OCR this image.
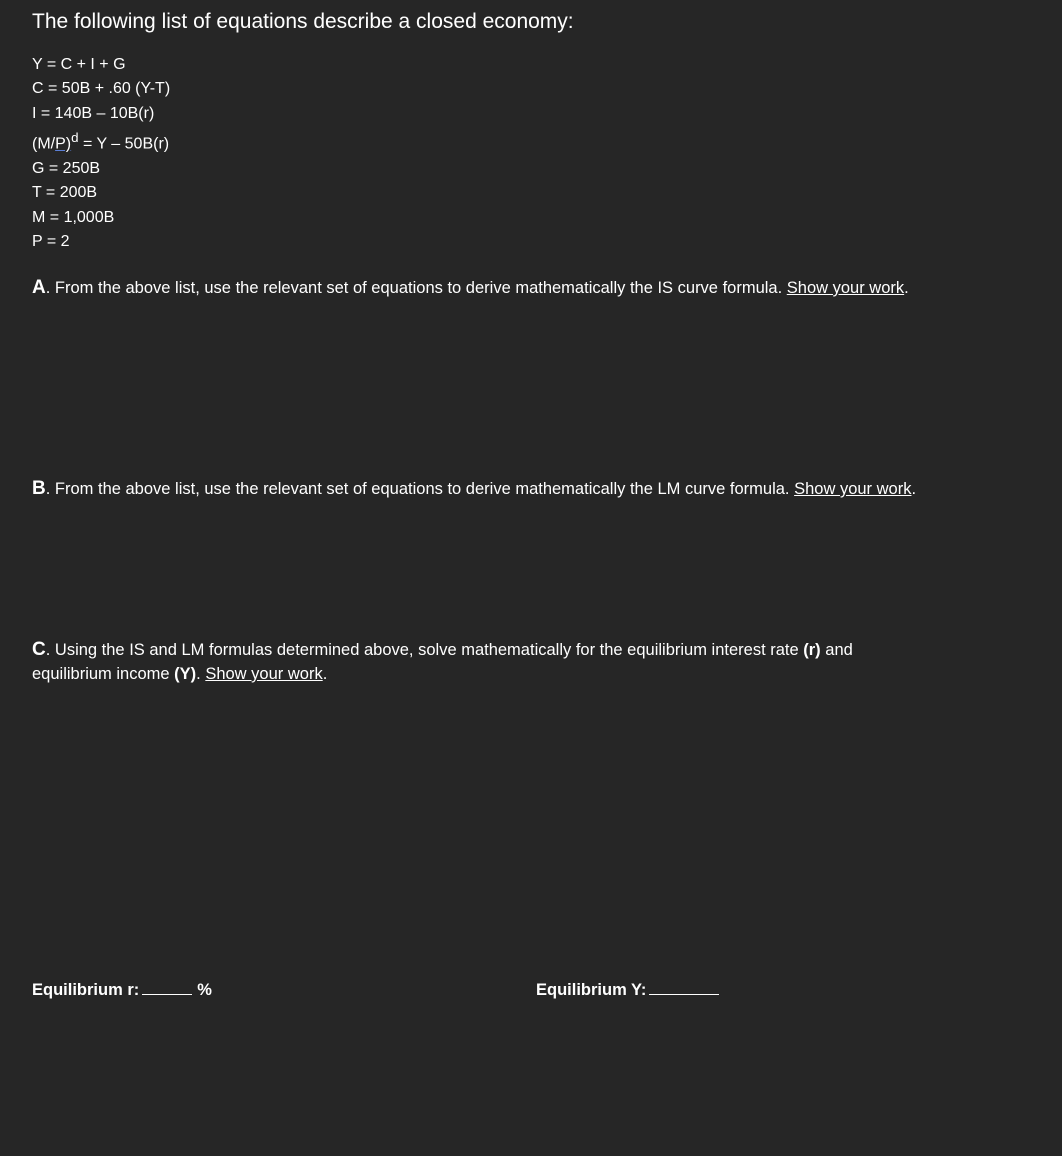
The following list of equations describe a closed economy:
Y = C + I + G
C = 50B + .60 (Y-T)
I = 140B – 10B(r)
$(M/P)^d = Y - 50B(r)$
G = 250B
T = 200B
M = 1,000B
P = 2
A. From the above list, use the relevant set of equations to derive mathematically the IS curve formula. Show your work.
B. From the above list, use the relevant set of equations to derive mathematically the LM curve formula. Show your work.
C. Using the IS and LM formulas determined above, solve mathematically for the equilibrium interest rate (r) and
equilibrium income (Y). Show your work.
Equilibrium r:	%	Equilibrium Y:
